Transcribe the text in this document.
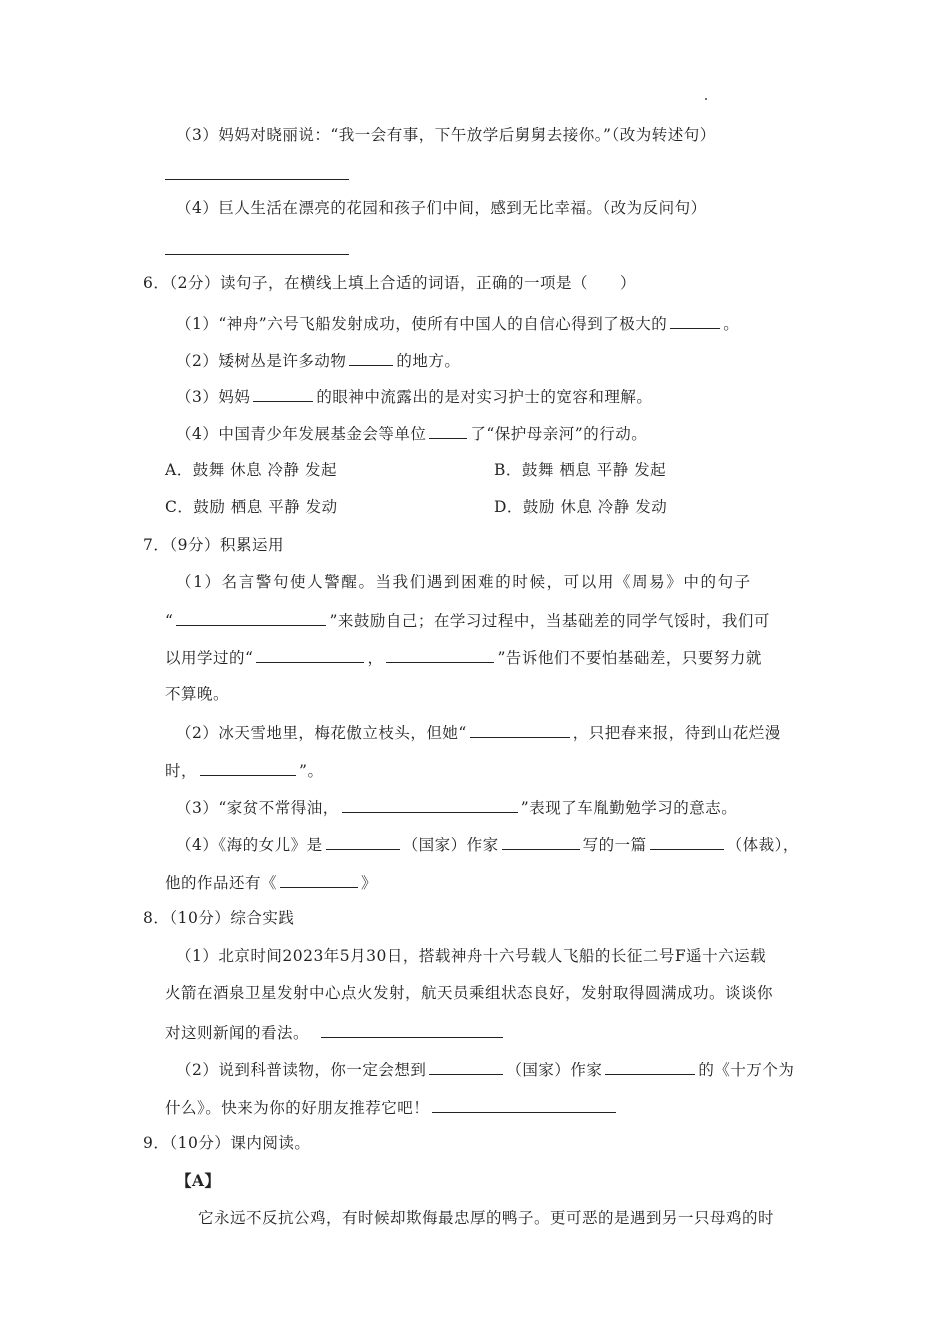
（3）妈妈对晓丽说：“我一会有事，下午放学后舅舅去接你。”（改为转述句）
（4）巨人生活在漂亮的花园和孩子们中间，感到无比幸福。（改为反问句）
6．（2分）读句子，在横线上填上合适的词语，正确的一项是（　　）
（1）“神舟”六号飞船发射成功，使所有中国人的自信心得到了极大的	。
（2）矮树丛是许多动物	的地方。
（3）妈妈	的眼神中流露出的是对实习护士的宽容和理解。
（4）中国青少年发展基金会等单位	了“保护母亲河”的行动。
A．鼓舞 休息 冷静 发起	B．鼓舞 栖息 平静 发起
C．鼓励 栖息 平静 发动	D．鼓励 休息 冷静 发动
7．（9分）积累运用
（1）名言警句使人警醒。当我们遇到困难的时候，可以用《周易》中的句子
“	”来鼓励自己；在学习过程中，当基础差的同学气馁时，我们可
以用学过的“	，	”告诉他们不要怕基础差，只要努力就
不算晚。
（2）冰天雪地里，梅花傲立枝头，但她“	，只把春来报，待到山花烂漫
时，	”。
（3）“家贫不常得油，	”表现了车胤勤勉学习的意志。
（4）《海的女儿》是	（国家）作家	写的一篇	（体裁），
他的作品还有《	》
8．（10分）综合实践
（1）北京时间2023年5月30日，搭载神舟十六号载人飞船的长征二号F遥十六运载
火箭在酒泉卫星发射中心点火发射，航天员乘组状态良好，发射取得圆满成功。谈谈你
对这则新闻的看法。
（2）说到科普读物，你一定会想到	（国家）作家	的《十万个为
什么》。快来为你的好朋友推荐它吧！
9．（10分）课内阅读。
【A】
它永远不反抗公鸡，有时候却欺侮最忠厚的鸭子。更可恶的是遇到另一只母鸡的时
